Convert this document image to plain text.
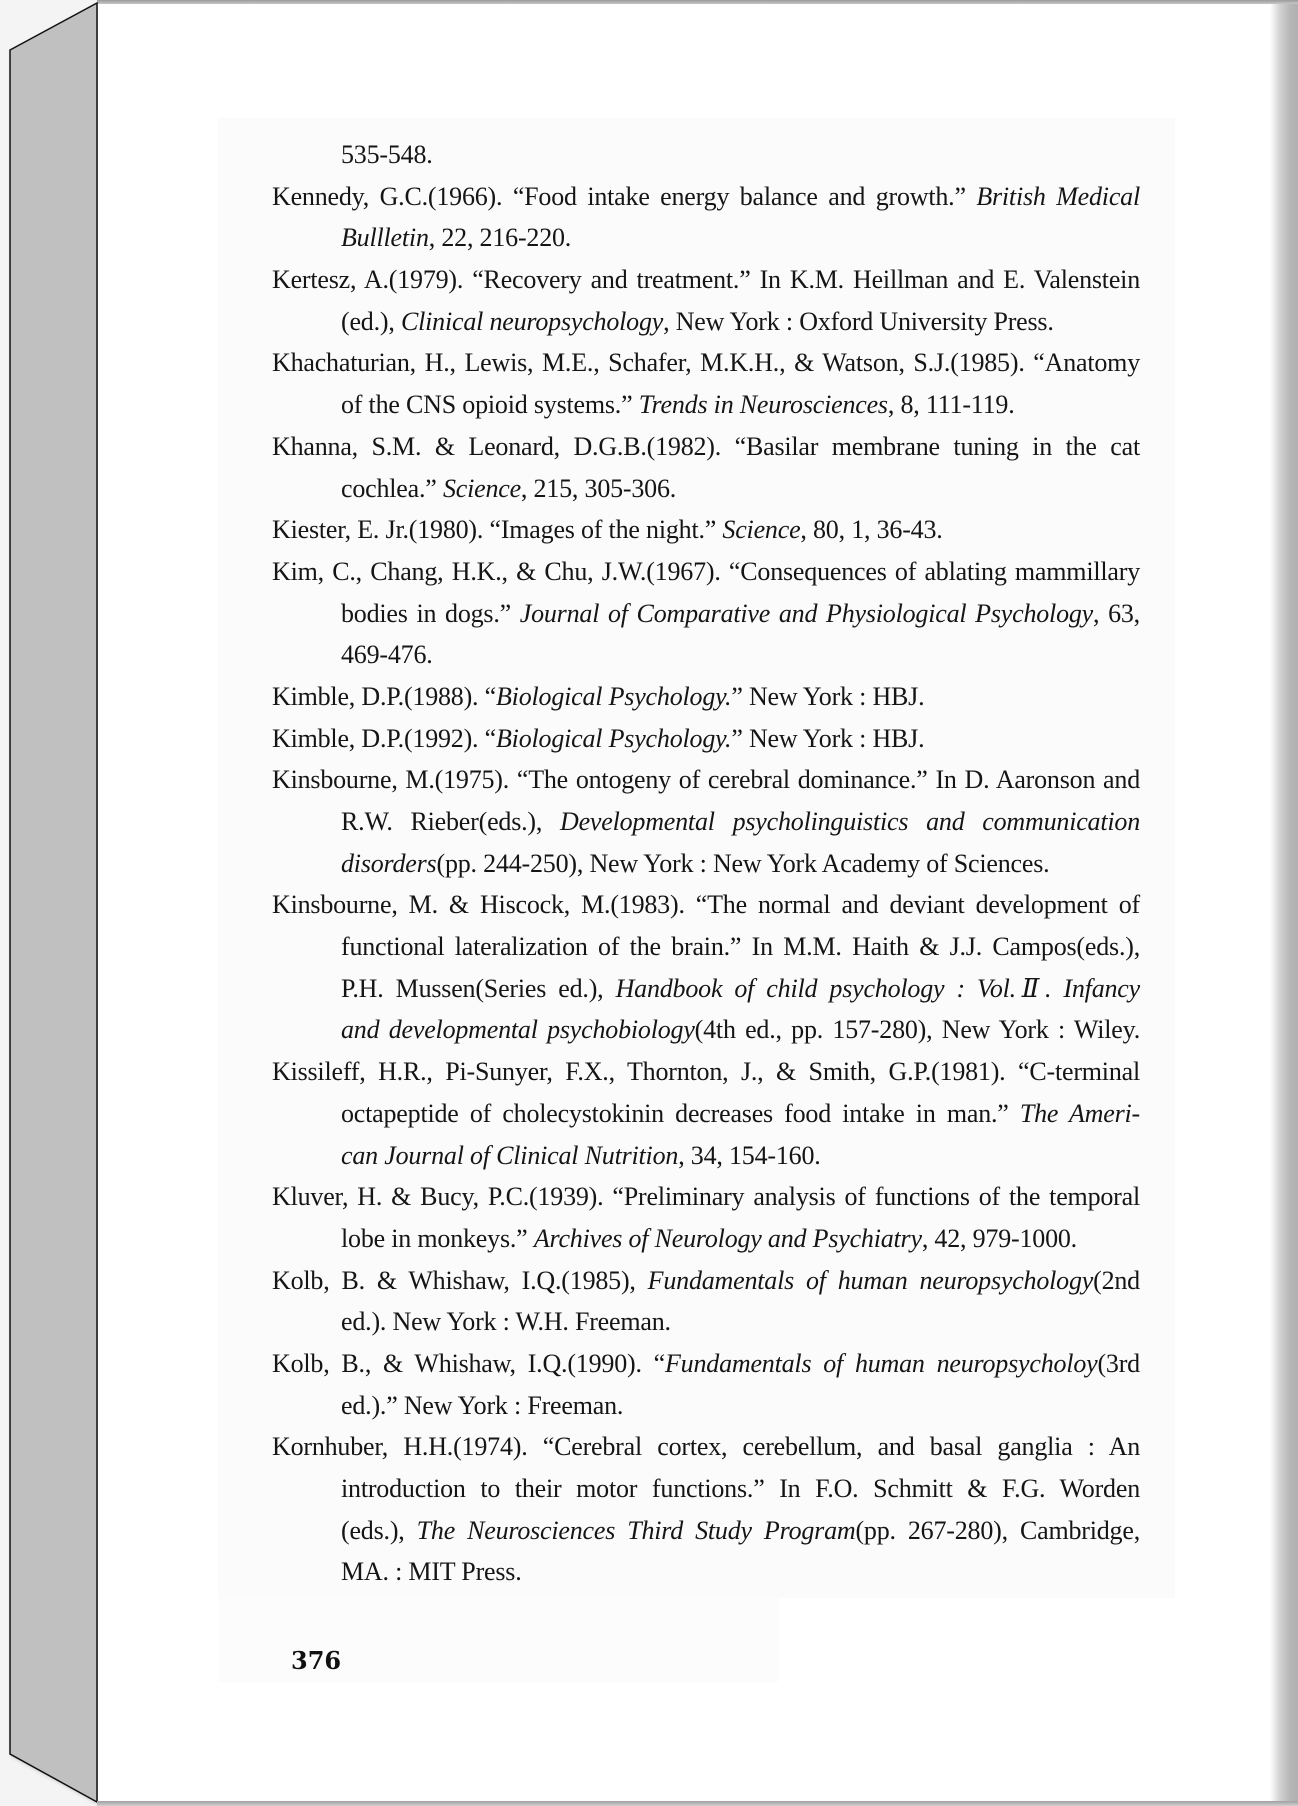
535-548.
Kennedy, G.C.(1966). “Food intake energy balance and growth.” British Medical
Bullletin, 22, 216-220.
Kertesz, A.(1979). “Recovery and treatment.” In K.M. Heillman and E. Valenstein
(ed.), Clinical neuropsychology, New York : Oxford University Press.
Khachaturian, H., Lewis, M.E., Schafer, M.K.H., & Watson, S.J.(1985). “Anatomy
of the CNS opioid systems.” Trends in Neurosciences, 8, 111-119.
Khanna, S.M. & Leonard, D.G.B.(1982). “Basilar membrane tuning in the cat
cochlea.” Science, 215, 305-306.
Kiester, E. Jr.(1980). “Images of the night.” Science, 80, 1, 36-43.
Kim, C., Chang, H.K., & Chu, J.W.(1967). “Consequences of ablating mammillary
bodies in dogs.” Journal of Comparative and Physiological Psychology, 63,
469-476.
Kimble, D.P.(1988). “Biological Psychology.” New York : HBJ.
Kimble, D.P.(1992). “Biological Psychology.” New York : HBJ.
Kinsbourne, M.(1975). “The ontogeny of cerebral dominance.” In D. Aaronson and
R.W. Rieber(eds.), Developmental psycholinguistics and communication
disorders(pp. 244-250), New York : New York Academy of Sciences.
Kinsbourne, M. & Hiscock, M.(1983). “The normal and deviant development of
functional lateralization of the brain.” In M.M. Haith & J.J. Campos(eds.),
P.H. Mussen(Series ed.), Handbook of child psychology : Vol.Ⅱ. Infancy
and developmental psychobiology(4th ed., pp. 157-280), New York : Wiley.
Kissileff, H.R., Pi-Sunyer, F.X., Thornton, J., & Smith, G.P.(1981). “C-terminal
octapeptide of cholecystokinin decreases food intake in man.” The Ameri-
can Journal of Clinical Nutrition, 34, 154-160.
Kluver, H. & Bucy, P.C.(1939). “Preliminary analysis of functions of the temporal
lobe in monkeys.” Archives of Neurology and Psychiatry, 42, 979-1000.
Kolb, B. & Whishaw, I.Q.(1985), Fundamentals of human neuropsychology(2nd
ed.). New York : W.H. Freeman.
Kolb, B., & Whishaw, I.Q.(1990). “Fundamentals of human neuropsycholoy(3rd
ed.).” New York : Freeman.
Kornhuber, H.H.(1974). “Cerebral cortex, cerebellum, and basal ganglia : An
introduction to their motor functions.” In F.O. Schmitt & F.G. Worden
(eds.), The Neurosciences Third Study Program(pp. 267-280), Cambridge,
MA. : MIT Press.
376
